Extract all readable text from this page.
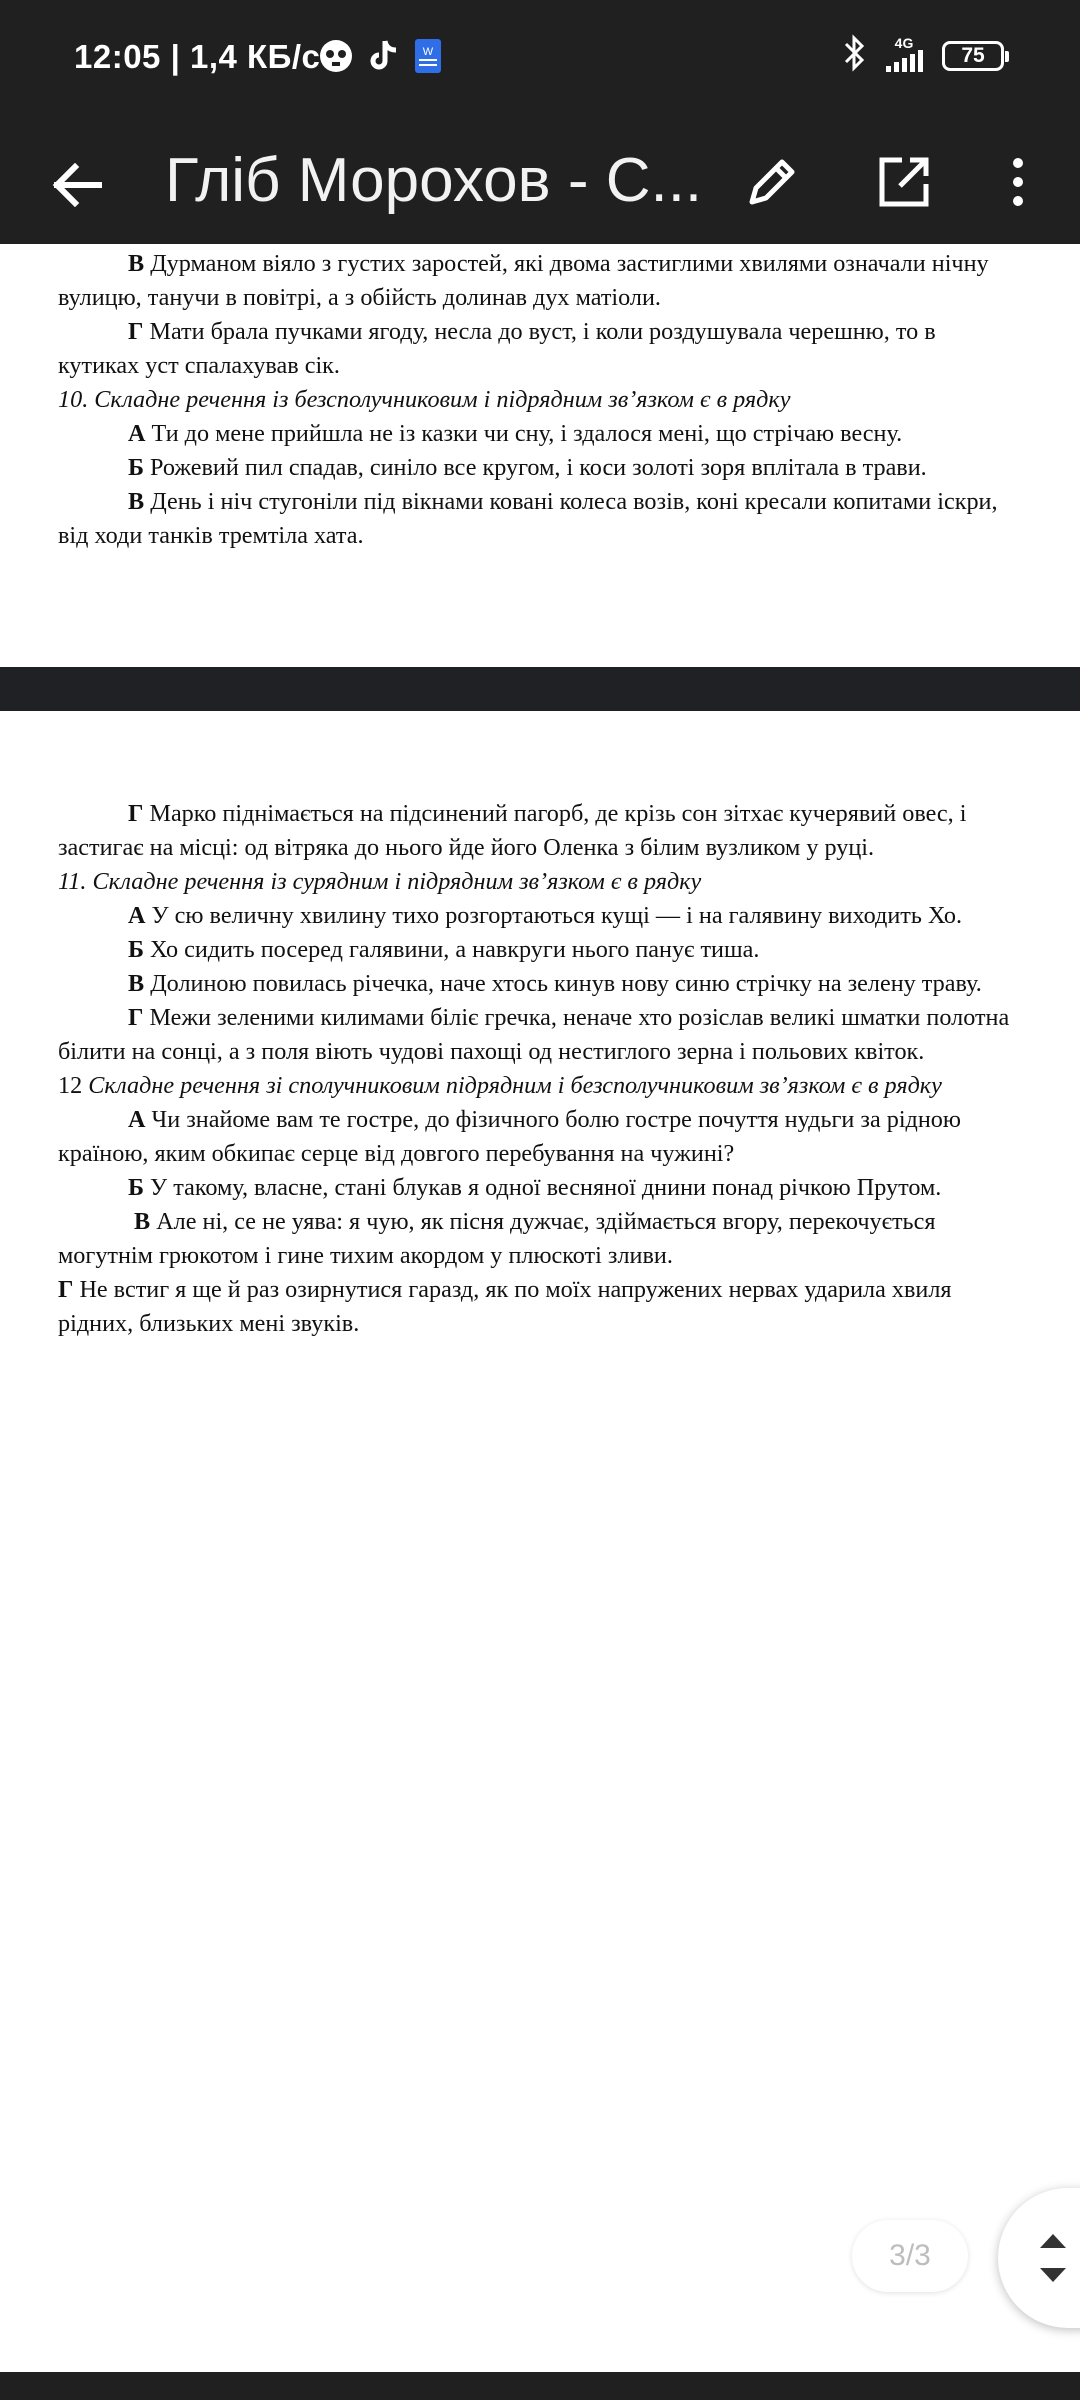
12:05 | 1,4 КБ/с	W
4G
75
Гліб Морохов - С...

В Дурманом віяло з густих заростей, які двома застиглими хвилями означали нічну вулицю, танучи в повітрі, а з обійсть долинав дух матіоли.

Г Мати брала пучками ягоду, несла до вуст, і коли роздушувала черешню, то в кутиках уст спалахував сік.

10. Складне речення із безсполучниковим і підрядним зв’язком є в рядку

А Ти до мене прийшла не із казки чи сну, і здалося мені, що стрічаю весну.

Б Рожевий пил спадав, синіло все кругом, і коси золоті зоря вплітала в трави.

В День і ніч стугоніли під вікнами ковані колеса возів, коні кресали копитами іскри, від ходи танків тремтіла хата.

Г Марко піднімається на підсинений пагорб, де крізь сон зітхає кучерявий овес, і застигає на місці: од вітряка до нього йде його Оленка з білим вузликом у руці.

11. Складне речення із сурядним і підрядним зв’язком є в рядку

А У сю величну хвилину тихо розгортаються кущі — і на галявину виходить Хо.

Б Хо сидить посеред галявини, а навкруги нього панує тиша.

В Долиною повилась річечка, наче хтось кинув нову синю стрічку на зелену траву.

Г Межи зеленими килимами біліє гречка, неначе хто розіслав великі шматки полотна білити на сонці, а з поля віють чудові пахощі од нестиглого зерна і польових квіток.

12 Складне речення зі сполучниковим підрядним і безсполучниковим зв’язком є в рядку

А Чи знайоме вам те гостре, до фізичного болю гостре почуття нудьги за рідною країною, яким обкипає серце від довгого перебування на чужині?

Б У такому, власне, стані блукав я одної весняної днини понад річкою Прутом.

В Але ні, се не уява: я чую, як пісня дужчає, здіймається вгору, перекочується могутнім грюкотом і гине тихим акордом у плюскоті зливи.

Г Не встиг я ще й раз озирнутися гаразд, як по моїх напружених нервах ударила хвиля рідних, близьких мені звуків.

3/3
